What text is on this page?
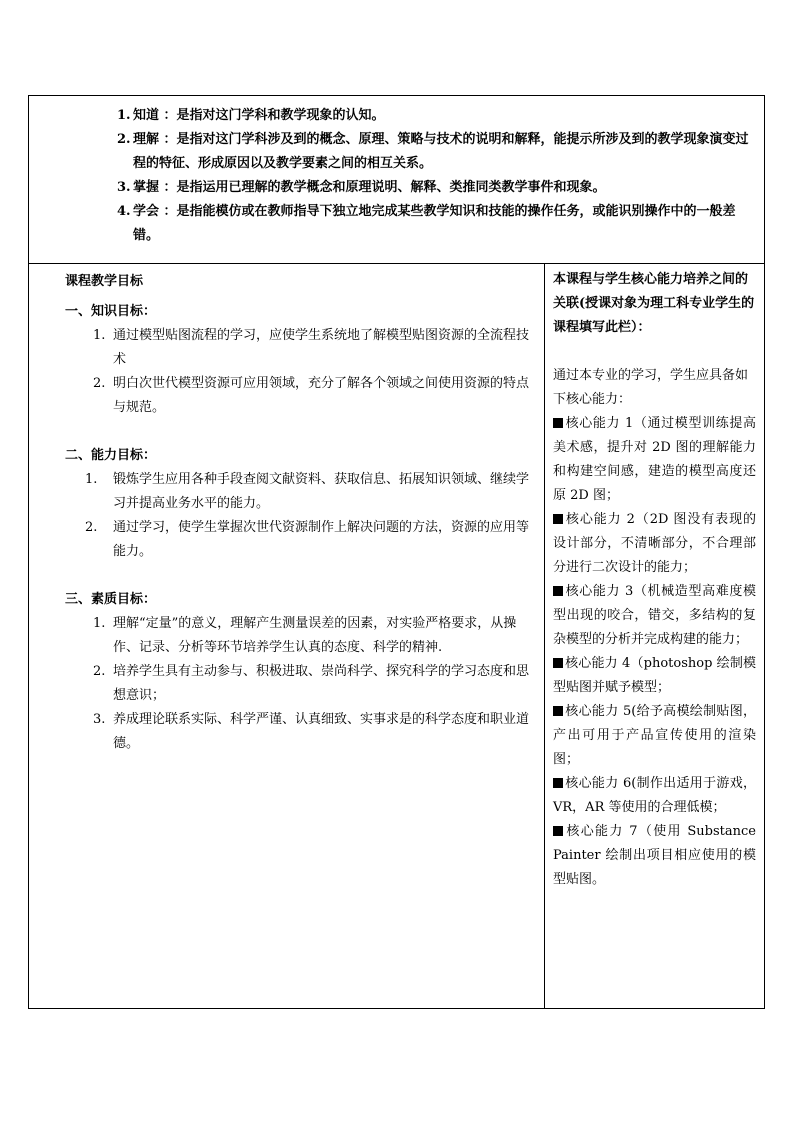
1. 知道 ：是指对这门学科和教学现象的认知。
2. 理解 ：是指对这门学科涉及到的概念、原理、策略与技术的说明和解释，能提示所涉及到的教学现象演变过程的特征、形成原因以及教学要素之间的相互关系。
3. 掌握 ：是指运用已理解的教学概念和原理说明、解释、类推同类教学事件和现象。
4. 学会 ：是指能模仿或在教师指导下独立地完成某些教学知识和技能的操作任务，或能识别操作中的一般差错。
课程教学目标
一、知识目标：
1. 通过模型贴图流程的学习，应使学生系统地了解模型贴图资源的全流程技术
2. 明白次世代模型资源可应用领域，充分了解各个领域之间使用资源的特点与规范。
二、能力目标：
1. 锻炼学生应用各种手段查阅文献资料、获取信息、拓展知识领域、继续学习并提高业务水平的能力。
2. 通过学习，使学生掌握次世代资源制作上解决问题的方法，资源的应用等能力。
三、素质目标：
1. 理解“定量”的意义，理解产生测量误差的因素，对实验严格要求，从操作、记录、分析等环节培养学生认真的态度、科学的精神.
2. 培养学生具有主动参与、积极进取、崇尚科学、探究科学的学习态度和思想意识；
3. 养成理论联系实际、科学严谨、认真细致、实事求是的科学态度和职业道德。

本课程与学生核心能力培养之间的关联(授课对象为理工科专业学生的课程填写此栏）：

通过本专业的学习，学生应具备如下核心能力：

核心能力 1（通过模型训练提高美术感，提升对 2D 图的理解能力和构建空间感，建造的模型高度还原 2D 图；

核心能力 2（2D 图没有表现的设计部分，不清晰部分，不合理部分进行二次设计的能力；

核心能力 3（机械造型高难度模型出现的咬合，错交，多结构的复杂模型的分析并完成构建的能力；

核心能力 4（photoshop 绘制模型贴图并赋予模型；

核心能力 5(给予高模绘制贴图，产出可用于产品宣传使用的渲染图；

核心能力 6(制作出适用于游戏，VR，AR 等使用的合理低模；

核心能力 7（使用 Substance Painter 绘制出项目相应使用的模型贴图。
